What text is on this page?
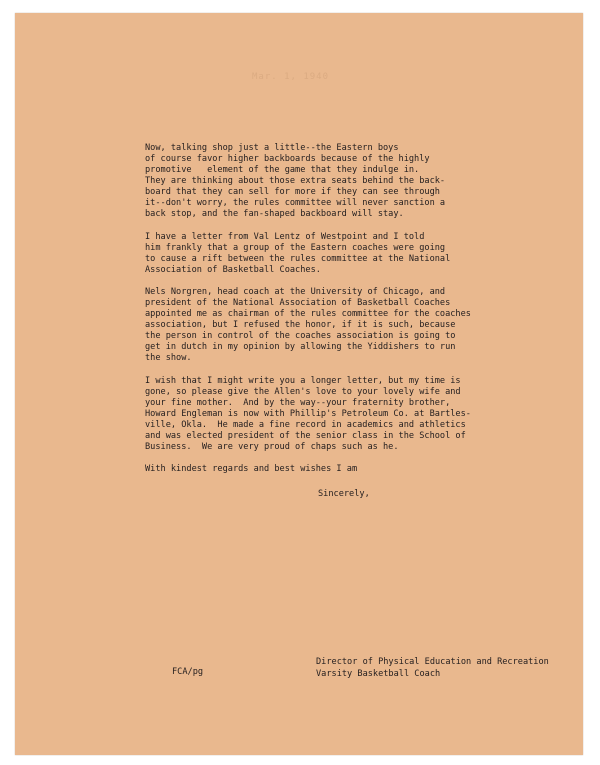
Mar. 1, 1940
Now, talking shop just a little--the Eastern boys
of course favor higher backboards because of the highly
promotive   element of the game that they indulge in.
They are thinking about those extra seats behind the back-
board that they can sell for more if they can see through
it--don't worry, the rules committee will never sanction a
back stop, and the fan-shaped backboard will stay.
I have a letter from Val Lentz of Westpoint and I told
him frankly that a group of the Eastern coaches were going
to cause a rift between the rules committee at the National
Association of Basketball Coaches.
Nels Norgren, head coach at the University of Chicago, and
president of the National Association of Basketball Coaches
appointed me as chairman of the rules committee for the coaches
association, but I refused the honor, if it is such, because
the person in control of the coaches association is going to
get in dutch in my opinion by allowing the Yiddishers to run
the show.
I wish that I might write you a longer letter, but my time is
gone, so please give the Allen's love to your lovely wife and
your fine mother.  And by the way--your fraternity brother,
Howard Engleman is now with Phillip's Petroleum Co. at Bartles-
ville, Okla.  He made a fine record in academics and athletics
and was elected president of the senior class in the School of
Business.  We are very proud of chaps such as he.
With kindest regards and best wishes I am
Sincerely,
FCA/pg
Director of Physical Education and Recreation
Varsity Basketball Coach
